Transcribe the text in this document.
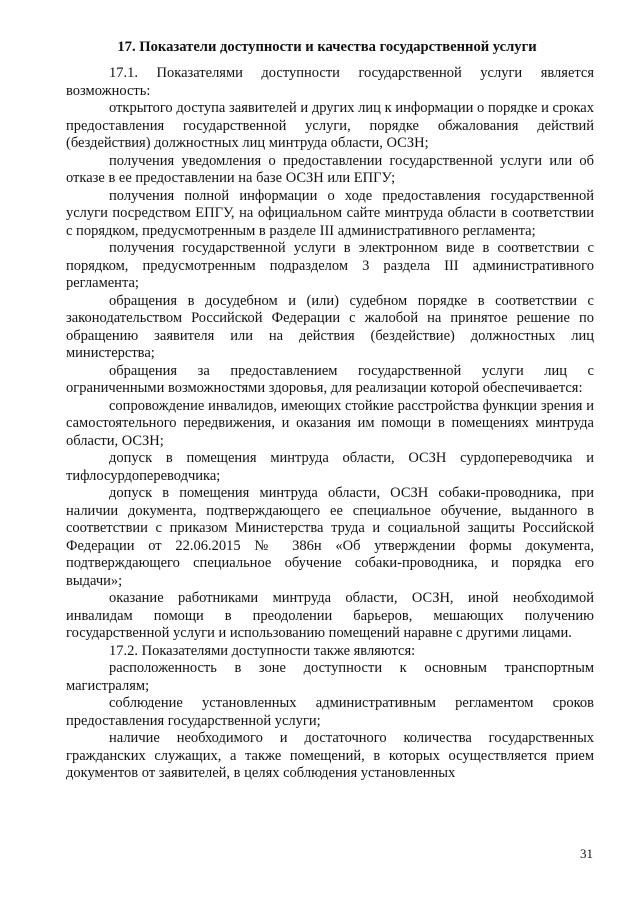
17. Показатели доступности и качества государственной услуги

17.1. Показателями доступности государственной услуги является возможность:

открытого доступа заявителей и других лиц к информации о порядке и сроках предоставления государственной услуги, порядке обжалования действий (бездействия) должностных лиц минтруда области, ОСЗН;

получения уведомления о предоставлении государственной услуги или об отказе в ее предоставлении на базе ОСЗН или ЕПГУ;

получения полной информации о ходе предоставления государственной услуги посредством ЕПГУ, на официальном сайте минтруда области в соответствии с порядком, предусмотренным в разделе III административного регламента;

получения государственной услуги в электронном виде в соответствии с порядком, предусмотренным подразделом 3 раздела III административного регламента;

обращения в досудебном и (или) судебном порядке в соответствии с законодательством Российской Федерации с жалобой на принятое решение по обращению заявителя или на действия (бездействие) должностных лиц министерства;

обращения за предоставлением государственной услуги лиц с ограниченными возможностями здоровья, для реализации которой обеспечивается:

сопровождение инвалидов, имеющих стойкие расстройства функции зрения и самостоятельного передвижения, и оказания им помощи в помещениях минтруда области, ОСЗН;

допуск в помещения минтруда области, ОСЗН сурдопереводчика и тифлосурдопереводчика;

допуск в помещения минтруда области, ОСЗН собаки-проводника, при наличии документа, подтверждающего ее специальное обучение, выданного в соответствии с приказом Министерства труда и социальной защиты Российской Федерации от 22.06.2015 № 386н «Об утверждении формы документа, подтверждающего специальное обучение собаки-проводника, и порядка его выдачи»;

оказание работниками минтруда области, ОСЗН, иной необходимой инвалидам помощи в преодолении барьеров, мешающих получению государственной услуги и использованию помещений наравне с другими лицами.

17.2. Показателями доступности также являются:

расположенность в зоне доступности к основным транспортным магистралям;

соблюдение установленных административным регламентом сроков предоставления государственной услуги;

наличие необходимого и достаточного количества государственных гражданских служащих, а также помещений, в которых осуществляется прием документов от заявителей, в целях соблюдения установленных

31
